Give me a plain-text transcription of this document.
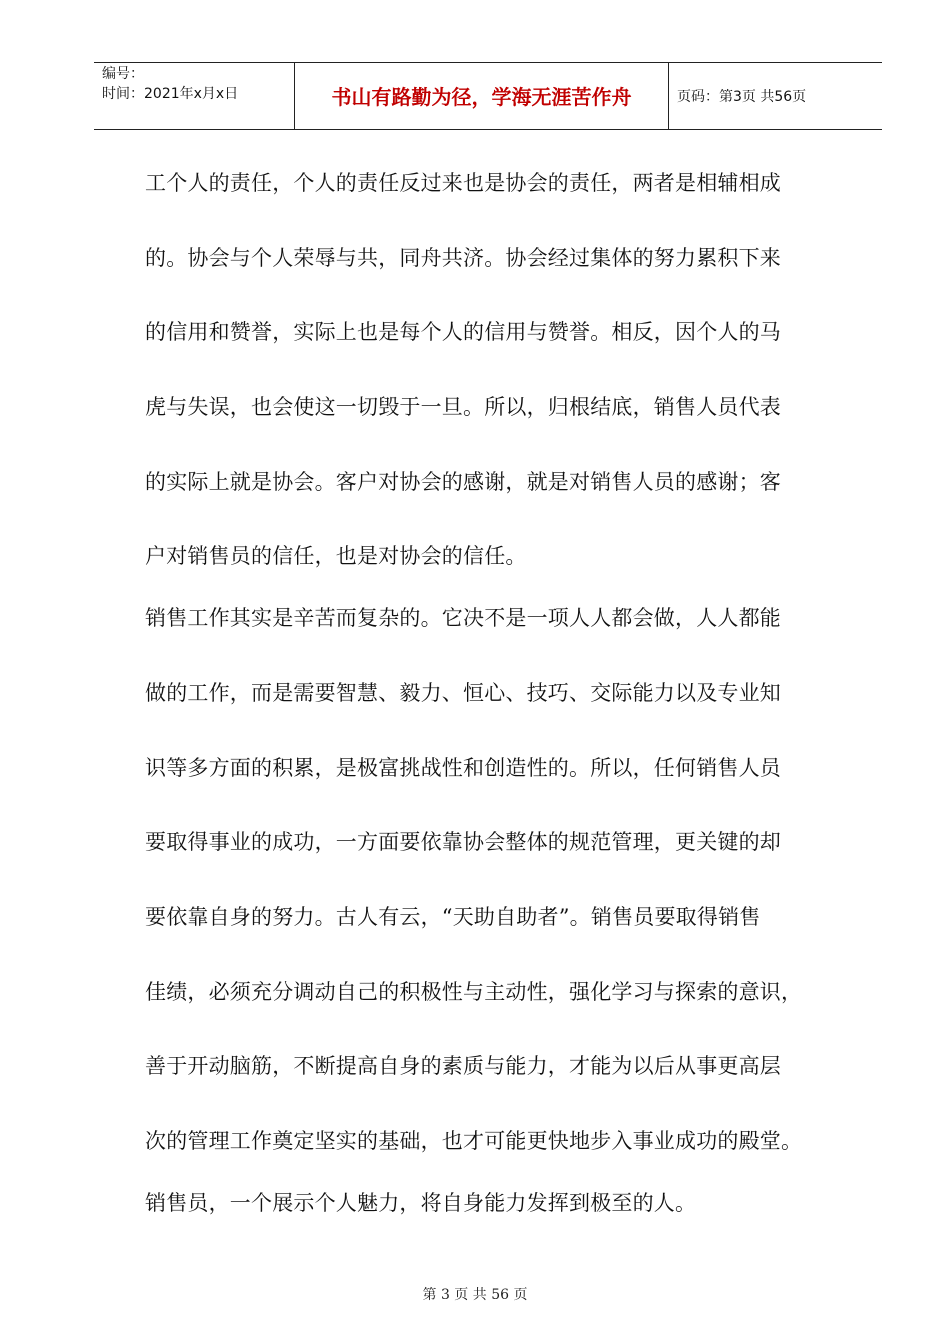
编号：
时间：2021年x月x日	书山有路勤为径，学海无涯苦作舟	页码：第3页 共56页
工个人的责任，个人的责任反过来也是协会的责任，两者是相辅相成
的。协会与个人荣辱与共，同舟共济。协会经过集体的努力累积下来
的信用和赞誉，实际上也是每个人的信用与赞誉。相反，因个人的马
虎与失误，也会使这一切毁于一旦。所以，归根结底，销售人员代表
的实际上就是协会。客户对协会的感谢，就是对销售人员的感谢；客
户对销售员的信任，也是对协会的信任。
销售工作其实是辛苦而复杂的。它决不是一项人人都会做，人人都能
做的工作，而是需要智慧、毅力、恒心、技巧、交际能力以及专业知
识等多方面的积累，是极富挑战性和创造性的。所以，任何销售人员
要取得事业的成功，一方面要依靠协会整体的规范管理，更关键的却
要依靠自身的努力。古人有云，“天助自助者”。销售员要取得销售
佳绩，必须充分调动自己的积极性与主动性，强化学习与探索的意识，
善于开动脑筋，不断提高自身的素质与能力，才能为以后从事更高层
次的管理工作奠定坚实的基础，也才可能更快地步入事业成功的殿堂。
销售员，一个展示个人魅力，将自身能力发挥到极至的人。
第 3 页 共 56 页
